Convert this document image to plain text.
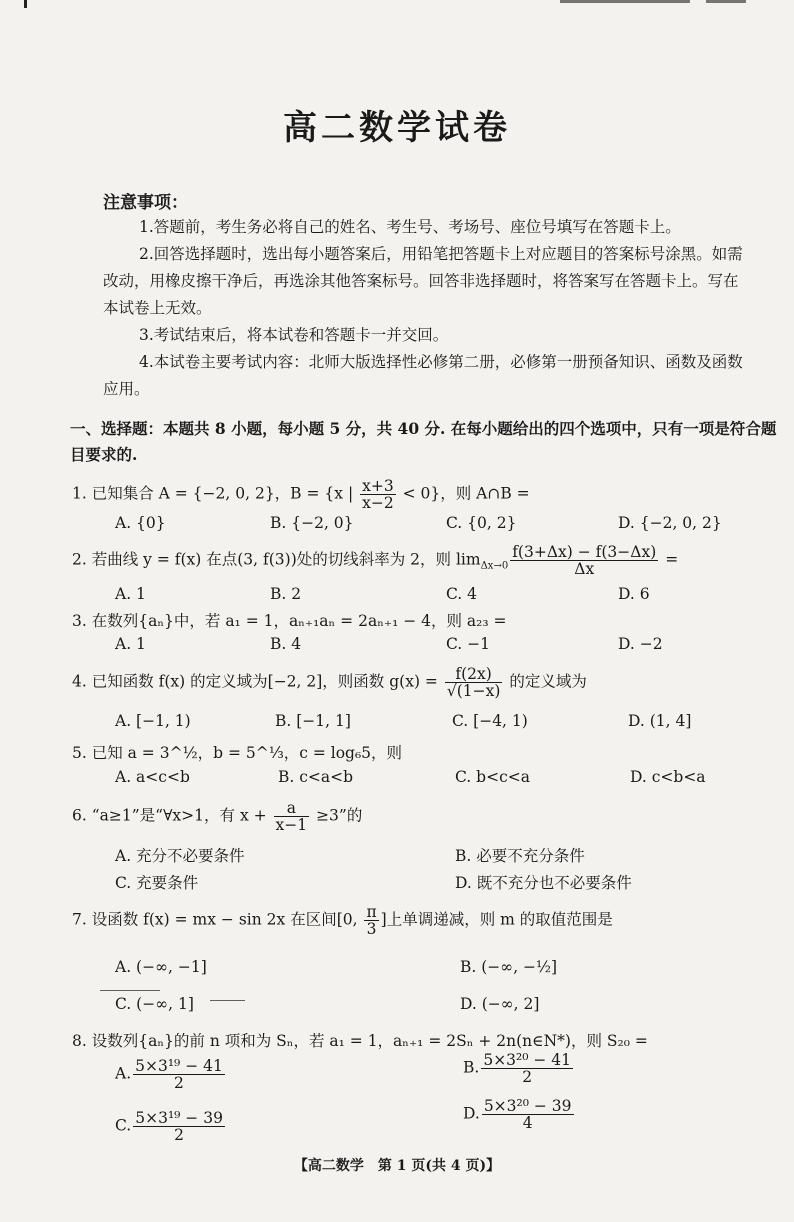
高二数学试卷
注意事项：

1.答题前，考生务必将自己的姓名、考生号、考场号、座位号填写在答题卡上。

2.回答选择题时，选出每小题答案后，用铅笔把答题卡上对应题目的答案标号涂黑。如需改动，用橡皮擦干净后，再选涂其他答案标号。回答非选择题时，将答案写在答题卡上。写在本试卷上无效。

3.考试结束后，将本试卷和答题卡一并交回。

4.本试卷主要考试内容：北师大版选择性必修第二册，必修第一册预备知识、函数及函数应用。

一、选择题：本题共 8 小题，每小题 5 分，共 40 分. 在每小题给出的四个选项中，只有一项是符合题目要求的.
1. 已知集合 A = {−2, 0, 2}，B = {x | $\frac{x+3}{x-2} < 0$}，则 A∩B =
A. {0}	B. {−2, 0}	C. {0, 2}	D. {−2, 0, 2}
2. 若曲线 y = f(x) 在点(3, f(3))处的切线斜率为 2，则 $\lim_{\Delta x\to 0} \frac{f(3+\Delta x) - f(3-\Delta x)}{\Delta x}$ =
A. 1	B. 2	C. 4	D. 6
3. 在数列{aₙ}中，若 a₁ = 1，aₙ₊₁aₙ = 2aₙ₊₁ − 4，则 a₂₃ =
A. 1	B. 4	C. −1	D. −2
4. 已知函数 f(x) 的定义域为[−2, 2]，则函数 $g(x) = \frac{f(2x)}{√(1-x)}$ 的定义域为
A. [−1, 1)	B. [−1, 1]	C. [−4, 1)	D. (1, 4]
5. 已知 a = 3^½，b = 5^⅓，c = log₆5，则
A. a<c<b	B. c<a<b	C. b<c<a	D. c<b<a
6. “a≥1”是“∀x>1，有 $x + \frac{a}{x-1} \ge 3$”的
A. 充分不必要条件	B. 必要不充分条件
C. 充要条件	D. 既不充分也不必要条件
7. 设函数 f(x) = mx − sin 2x 在区间[0, $\frac{\pi}{3}$ ]上单调递减，则 m 的取值范围是
A. (−∞, −1]	B. (−∞, −½]
C. (−∞, 1]	D. (−∞, 2]
8. 设数列{aₙ}的前 n 项和为 Sₙ，若 a₁ = 1，aₙ₊₁ = 2Sₙ + 2n(n∈N*)，则 S₂₀ =
A. $\frac{\text{5×3¹⁹ − 41}}{2}$	B. $\frac{\text{5×3²⁰ − 41}}{2}$
C. $\frac{\text{5×3¹⁹ − 39}}{2}$	D. $\frac{\text{5×3²⁰ − 39}}{4}$
【高二数学　第 1 页(共 4 页)】
